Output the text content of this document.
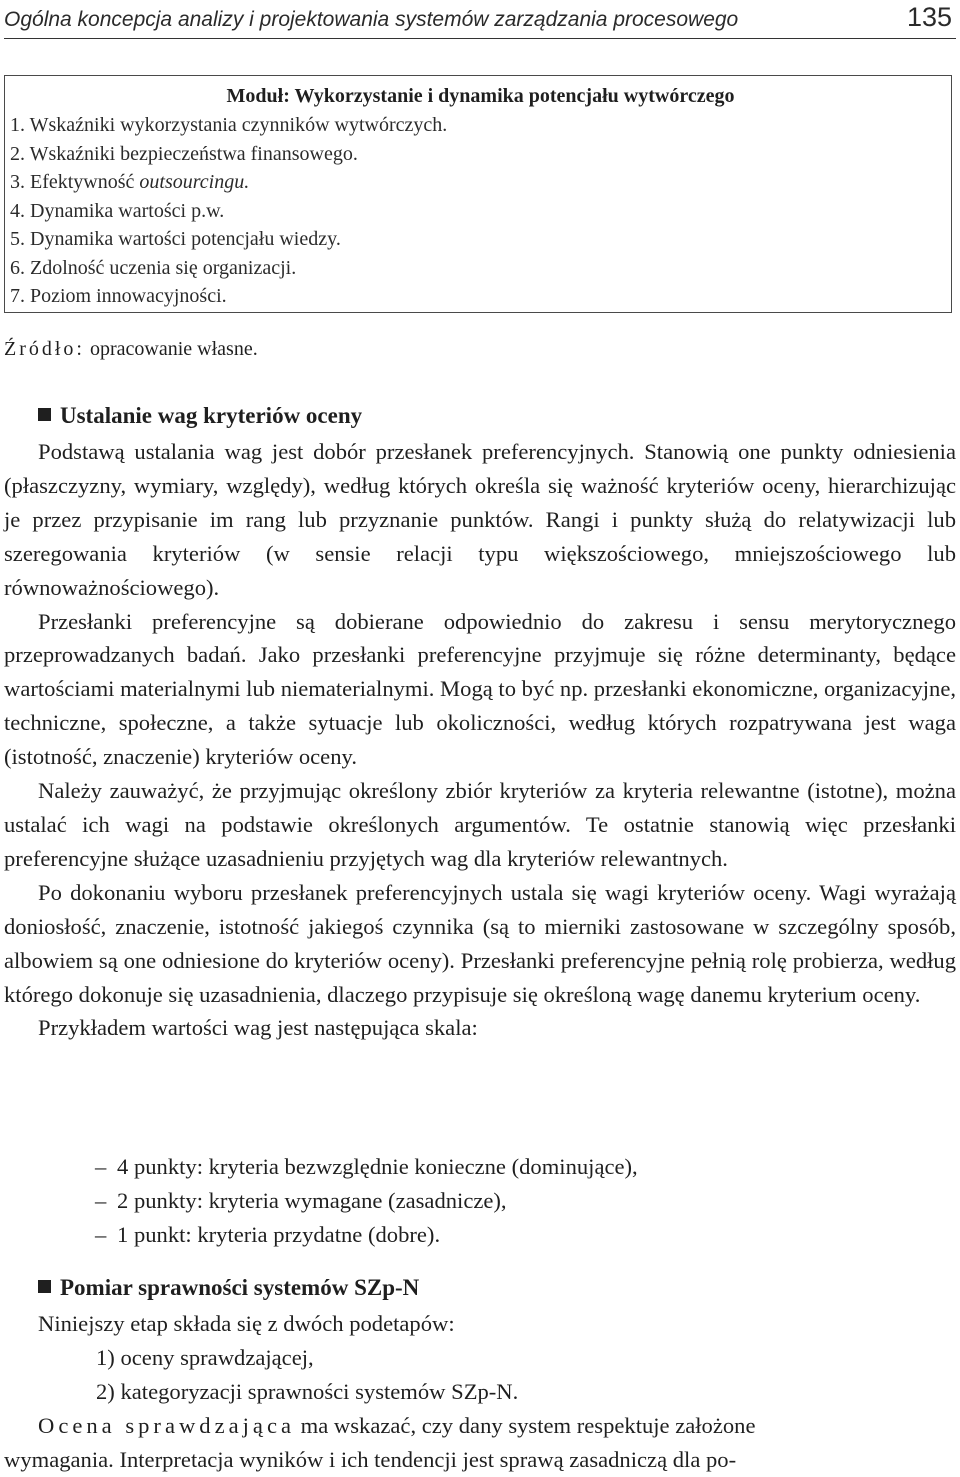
Ogólna koncepcja analizy i projektowania systemów zarządzania procesowego	135
Moduł: Wykorzystanie i dynamika potencjału wytwórczego
1. Wskaźniki wykorzystania czynników wytwórczych.
2. Wskaźniki bezpieczeństwa finansowego.
3. Efektywność outsourcingu.
4. Dynamika wartości p.w.
5. Dynamika wartości potencjału wiedzy.
6. Zdolność uczenia się organizacji.
7. Poziom innowacyjności.
Źródło: opracowanie własne.
Ustalanie wag kryteriów oceny

Podstawą ustalania wag jest dobór przesłanek preferencyjnych. Stanowią one punkty odniesienia (płaszczyzny, wymiary, względy), według których określa się ważność kryteriów oceny, hierarchizując je przez przypisanie im rang lub przyznanie punktów. Rangi i punkty służą do relatywizacji lub szeregowania kryteriów (w sensie relacji typu większościowego, mniejszościowego lub równoważnościowego).

Przesłanki preferencyjne są dobierane odpowiednio do zakresu i sensu merytorycznego przeprowadzanych badań. Jako przesłanki preferencyjne przyjmuje się różne determinanty, będące wartościami materialnymi lub niematerialnymi. Mogą to być np. przesłanki ekonomiczne, organizacyjne, techniczne, społeczne, a także sytuacje lub okoliczności, według których rozpatrywana jest waga (istotność, znaczenie) kryteriów oceny.

Należy zauważyć, że przyjmując określony zbiór kryteriów za kryteria relewantne (istotne), można ustalać ich wagi na podstawie określonych argumentów. Te ostatnie stanowią więc przesłanki preferencyjne służące uzasadnieniu przyjętych wag dla kryteriów relewantnych.

Po dokonaniu wyboru przesłanek preferencyjnych ustala się wagi kryteriów oceny. Wagi wyrażają doniosłość, znaczenie, istotność jakiegoś czynnika (są to mierniki zastosowane w szczególny sposób, albowiem są one odniesione do kryteriów oceny). Przesłanki preferencyjne pełnią rolę probierza, według którego dokonuje się uzasadnienia, dlaczego przypisuje się określoną wagę danemu kryterium oceny.

Przykładem wartości wag jest następująca skala:

– 4 punkty: kryteria bezwzględnie konieczne (dominujące),
– 2 punkty: kryteria wymagane (zasadnicze),
– 1 punkt: kryteria przydatne (dobre).
Pomiar sprawności systemów SZp-N
Niniejszy etap składa się z dwóch podetapów:
1) oceny sprawdzającej,
2) kategoryzacji sprawności systemów SZp-N.
Ocena sprawdzająca ma wskazać, czy dany system respektuje założone
wymagania. Interpretacja wyników i ich tendencji jest sprawą zasadniczą dla po-
